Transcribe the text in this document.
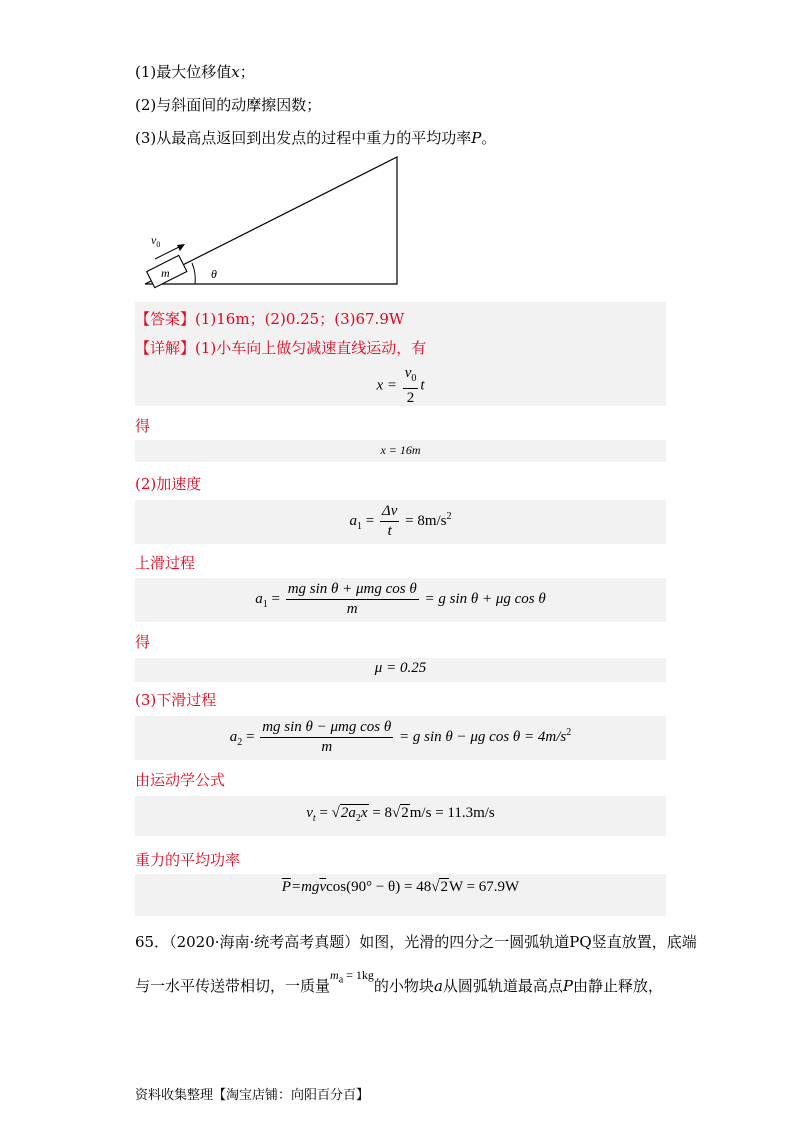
(1)最大位移值x；
(2)与斜面间的动摩擦因数；
(3)从最高点返回到出发点的过程中重力的平均功率P。
$v_0$
m	θ
【答案】(1)16m；(2)0.25；(3)67.9W
【详解】(1)小车向上做匀减速直线运动，有
$x = \frac{v_0}{2}$ t
得
x = 16m
(2)加速度
$a_1 = \frac{\Delta v}{t} = 8m/s^2$
上滑过程
$a_1 = \frac{\text{mg sin θ + μmg cos θ}}{m} = g$ sin θ + μg cos θ
得
μ = 0.25
(3)下滑过程
$a_2 = \frac{\text{mg sin θ − μmg cos θ}}{m} = g$ sin θ − μg $\cos \theta = 4m/s^2$
由运动学公式
$v_t = √2a_2x = 8√2m/s = 11.3m/s$
重力的平均功率
$\overline{P}=mg\overline{v}\cos(90^\circ - \theta) = 48√2W = 67.9W$
65．（2020·海南·统考高考真题）如图，光滑的四分之一圆弧轨道PQ竖直放置，底端
与一水平传送带相切，一质量$^{m_a = 1kg}$的小物块a从圆弧轨道最高点P由静止释放，
资料收集整理【淘宝店铺：向阳百分百】
